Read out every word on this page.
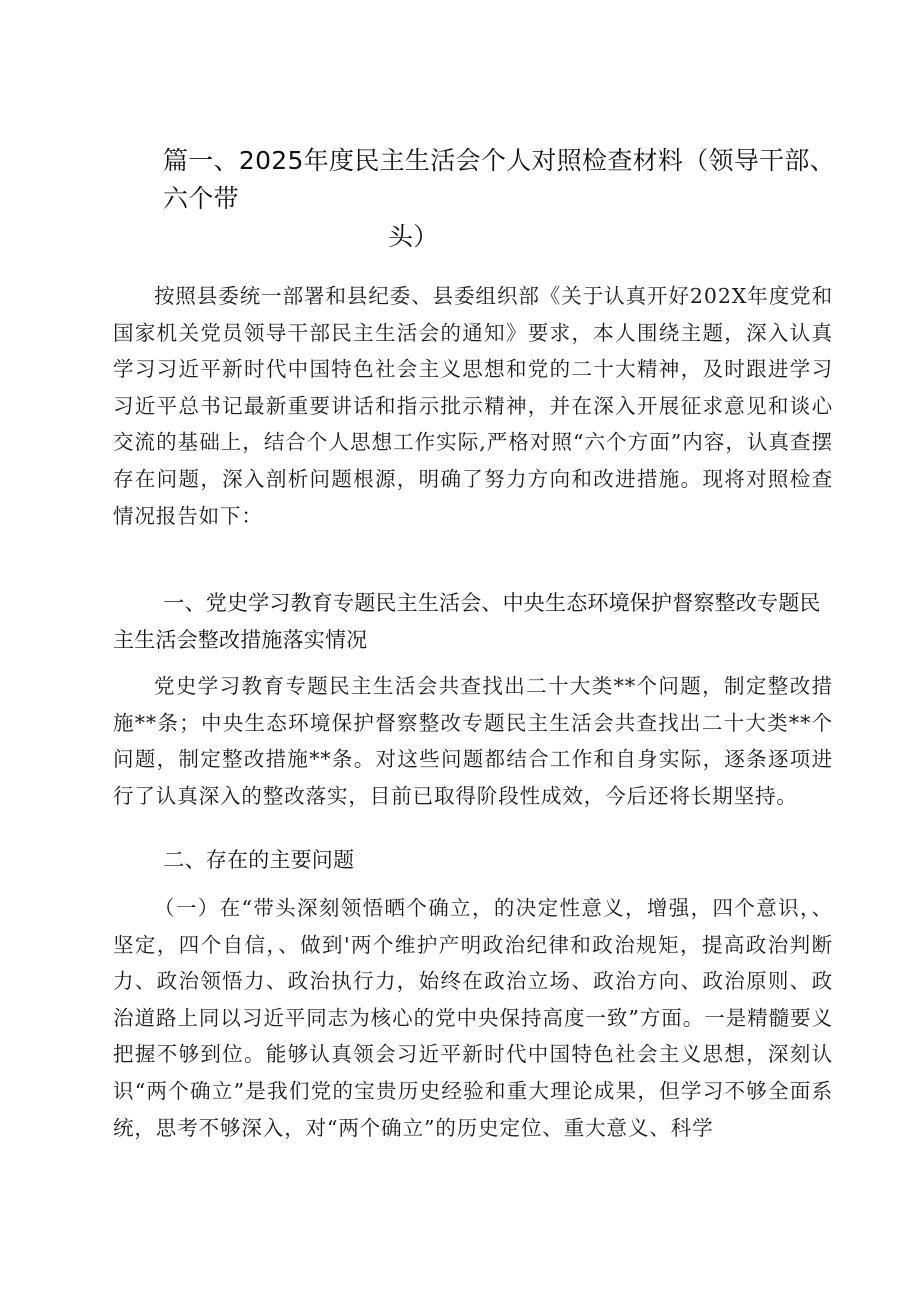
篇一、2025年度民主生活会个人对照检查材料（领导干部、六个带
头）

按照县委统一部署和县纪委、县委组织部《关于认真开好202X年度党和国家机关党员领导干部民主生活会的通知》要求，本人围绕主题，深入认真学习习近平新时代中国特色社会主义思想和党的二十大精神，及时跟进学习习近平总书记最新重要讲话和指示批示精神，并在深入开展征求意见和谈心交流的基础上，结合个人思想工作实际,严格对照“六个方面”内容，认真查摆存在问题，深入剖析问题根源，明确了努力方向和改进措施。现将对照检查情况报告如下：

一、党史学习教育专题民主生活会、中央生态环境保护督察整改专题民主生活会整改措施落实情况

党史学习教育专题民主生活会共查找出二十大类**个问题，制定整改措施**条；中央生态环境保护督察整改专题民主生活会共查找出二十大类**个问题，制定整改措施**条。对这些问题都结合工作和自身实际，逐条逐项进行了认真深入的整改落实，目前已取得阶段性成效，今后还将长期坚持。

二、存在的主要问题

（一）在“带头深刻领悟晒个确立，的决定性意义，增强，四个意识，、坚定，四个自信，、做到'两个维护产明政治纪律和政治规矩，提高政治判断力、政治领悟力、政治执行力，始终在政治立场、政治方向、政治原则、政治道路上同以习近平同志为核心的党中央保持高度一致”方面。一是精髓要义把握不够到位。能够认真领会习近平新时代中国特色社会主义思想，深刻认识“两个确立”是我们党的宝贵历史经验和重大理论成果，但学习不够全面系统，思考不够深入，对“两个确立”的历史定位、重大意义、科学
